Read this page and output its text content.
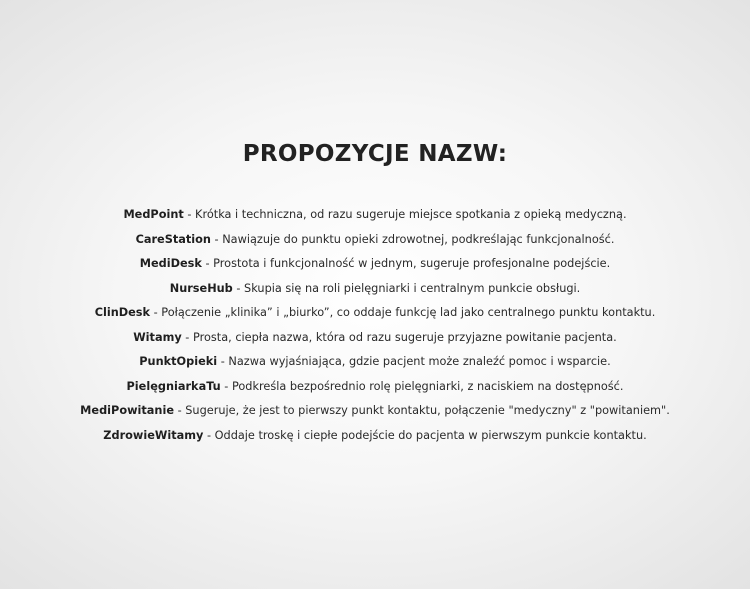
PROPOZYCJE NAZW:
MedPoint - Krótka i techniczna, od razu sugeruje miejsce spotkania z opieką medyczną.
CareStation - Nawiązuje do punktu opieki zdrowotnej, podkreślając funkcjonalność.
MediDesk - Prostota i funkcjonalność w jednym, sugeruje profesjonalne podejście.
NurseHub - Skupia się na roli pielęgniarki i centralnym punkcie obsługi.
ClinDesk - Połączenie „klinika” i „biurko”, co oddaje funkcję lad jako centralnego punktu kontaktu.
Witamy - Prosta, ciepła nazwa, która od razu sugeruje przyjazne powitanie pacjenta.
PunktOpieki - Nazwa wyjaśniająca, gdzie pacjent może znaleźć pomoc i wsparcie.
PielęgniarkaTu - Podkreśla bezpośrednio rolę pielęgniarki, z naciskiem na dostępność.
MediPowitanie - Sugeruje, że jest to pierwszy punkt kontaktu, połączenie "medyczny" z "powitaniem".
ZdrowieWitamy - Oddaje troskę i ciepłe podejście do pacjenta w pierwszym punkcie kontaktu.
